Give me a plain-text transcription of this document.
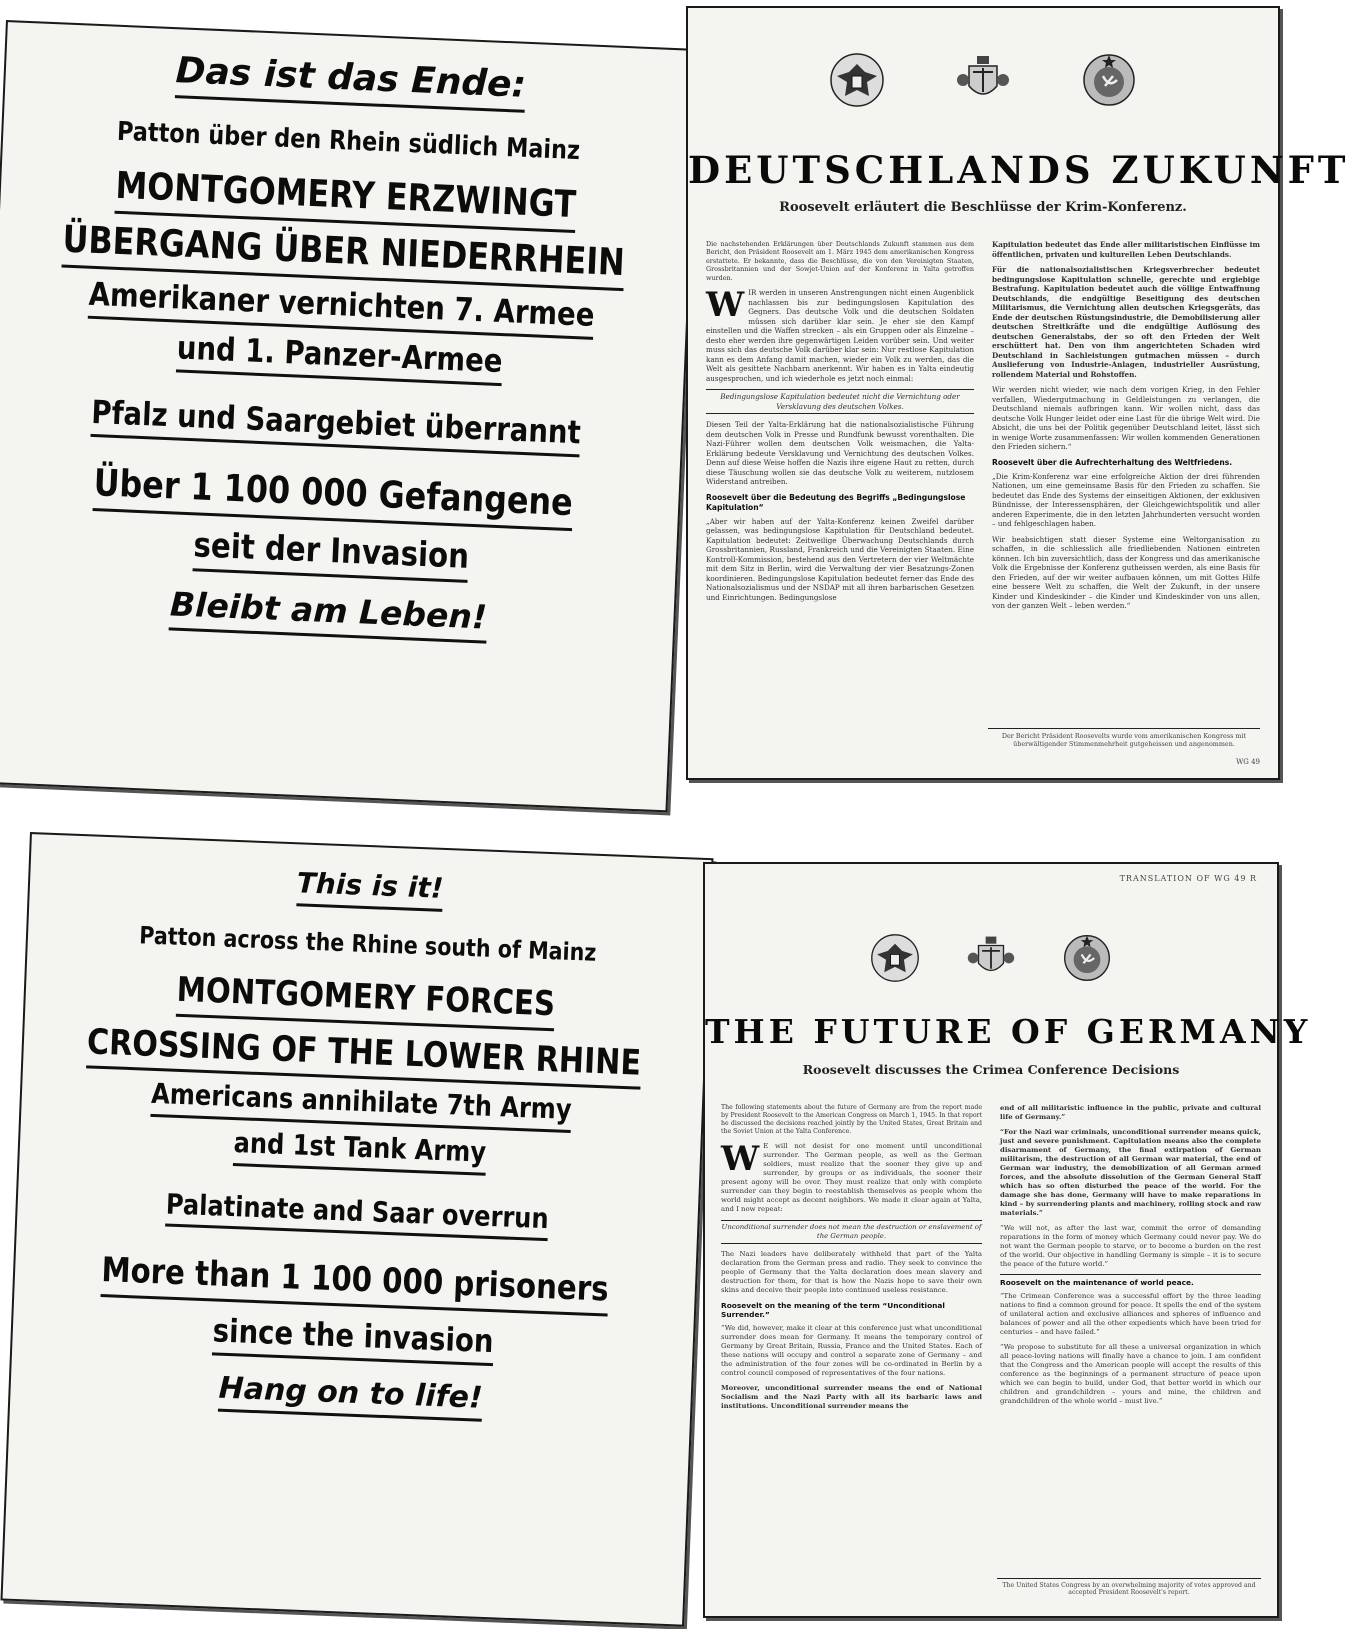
Das ist das Ende:
Patton über den Rhein südlich Mainz
MONTGOMERY ERZWINGT
ÜBERGANG ÜBER NIEDERRHEIN
Amerikaner vernichten 7. Armee
und 1. Panzer-Armee
Pfalz und Saargebiet überrannt
Über 1 100 000 Gefangene
seit der Invasion
Bleibt am Leben!
DEUTSCHLANDS ZUKUNFT
Roosevelt erläutert die Beschlüsse der Krim-Konferenz.

Die nachstehenden Erklärungen über Deutschlands Zukunft stammen aus dem Bericht, den Präsident Roosevelt am 1. März 1945 dem amerikanischen Kongress erstattete. Er bekannte, dass die Beschlüsse, die von den Vereinigten Staaten, Grossbritannien und der Sowjet-Union auf der Konferenz in Yalta getroffen wurden.

WIR werden in unseren Anstrengungen nicht einen Augenblick nachlassen bis zur bedingungslosen Kapitulation des Gegners. Das deutsche Volk und die deutschen Soldaten müssen sich darüber klar sein. Je eher sie den Kampf einstellen und die Waffen strecken – als ein Gruppen oder als Einzelne – desto eher werden ihre gegenwärtigen Leiden vorüber sein. Und weiter muss sich das deutsche Volk darüber klar sein: Nur restlose Kapitulation kann es dem Anfang damit machen, wieder ein Volk zu werden, das die Welt als gesittete Nachbarn anerkennt. Wir haben es in Yalta eindeutig ausgesprochen, und ich wiederhole es jetzt noch einmal:

Bedingungslose Kapitulation bedeutet nicht die Vernichtung oder Versklavung des deutschen Volkes.

Diesen Teil der Yalta-Erklärung hat die nationalsozialistische Führung dem deutschen Volk in Presse und Rundfunk bewusst vorenthalten. Die Nazi-Führer wollen dem deutschen Volk weismachen, die Yalta-Erklärung bedeute Versklavung und Vernichtung des deutschen Volkes. Denn auf diese Weise hoffen die Nazis ihre eigene Haut zu retten, durch diese Täuschung wollen sie das deutsche Volk zu weiterem, nutzlosem Widerstand antreiben.

Roosevelt über die Bedeutung des Begriffs „Bedingungslose Kapitulation“

„Aber wir haben auf der Yalta-Konferenz keinen Zweifel darüber gelassen, was bedingungslose Kapitulation für Deutschland bedeutet. Kapitulation bedeutet: Zeitweilige Überwachung Deutschlands durch Grossbritannien, Russland, Frankreich und die Vereinigten Staaten. Eine Kontroll-Kommission, bestehend aus den Vertretern der vier Weltmächte mit dem Sitz in Berlin, wird die Verwaltung der vier Besatzungs-Zonen koordinieren. Bedingungslose Kapitulation bedeutet ferner das Ende des Nationalsozialismus und der NSDAP mit all ihren barbarischen Gesetzen und Einrichtungen. Bedingungslose

Kapitulation bedeutet das Ende aller militaristischen Einflüsse im öffentlichen, privaten und kulturellen Leben Deutschlands.

Für die nationalsozialistischen Kriegsverbrecher bedeutet bedingungslose Kapitulation schnelle, gerechte und ergiebige Bestrafung. Kapitulation bedeutet auch die völlige Entwaffnung Deutschlands, die endgültige Beseitigung des deutschen Militarismus, die Vernichtung allen deutschen Kriegsgeräts, das Ende der deutschen Rüstungsindustrie, die Demobilisierung aller deutschen Streitkräfte und die endgültige Auflösung des deutschen Generalstabs, der so oft den Frieden der Welt erschüttert hat. Den von ihm angerichteten Schaden wird Deutschland in Sachleistungen gutmachen müssen – durch Auslieferung von Industrie-Anlagen, industrieller Ausrüstung, rollendem Material und Rohstoffen.

Wir werden nicht wieder, wie nach dem vorigen Krieg, in den Fehler verfallen, Wiedergutmachung in Geldleistungen zu verlangen, die Deutschland niemals aufbringen kann. Wir wollen nicht, dass das deutsche Volk Hunger leidet oder eine Last für die übrige Welt wird. Die Absicht, die uns bei der Politik gegenüber Deutschland leitet, lässt sich in wenige Worte zusammenfassen: Wir wollen kommenden Generationen den Frieden sichern.“

Roosevelt über die Aufrechterhaltung des Weltfriedens.

„Die Krim-Konferenz war eine erfolgreiche Aktion der drei führenden Nationen, um eine gemeinsame Basis für den Frieden zu schaffen. Sie bedeutet das Ende des Systems der einseitigen Aktionen, der exklusiven Bündnisse, der Interessensphären, der Gleichgewichtspolitik und aller anderen Experimente, die in den letzten Jahrhunderten versucht worden – und fehlgeschlagen haben.

Wir beabsichtigen statt dieser Systeme eine Weltorganisation zu schaffen, in die schliesslich alle friedliebenden Nationen eintreten können. Ich bin zuversichtlich, dass der Kongress und das amerikanische Volk die Ergebnisse der Konferenz gutheissen werden, als eine Basis für den Frieden, auf der wir weiter aufbauen können, um mit Gottes Hilfe eine bessere Welt zu schaffen, die Welt der Zukunft, in der unsere Kinder und Kindeskinder – die Kinder und Kindeskinder von uns allen, von der ganzen Welt – leben werden.“

Der Bericht Präsident Roosevelts wurde vom amerikanischen Kongress mit überwältigender Stimmenmehrheit gutgeheissen und angenommen.
WG 49
This is it!
Patton across the Rhine south of Mainz
MONTGOMERY FORCES
CROSSING OF THE LOWER RHINE
Americans annihilate 7th Army
and 1st Tank Army
Palatinate and Saar overrun
More than 1 100 000 prisoners
since the invasion
Hang on to life!
TRANSLATION OF WG 49 R
THE FUTURE OF GERMANY
Roosevelt discusses the Crimea Conference Decisions

The following statements about the future of Germany are from the report made by President Roosevelt to the American Congress on March 1, 1945. In that report he discussed the decisions reached jointly by the United States, Great Britain and the Soviet Union at the Yalta Conference.

W E will not desist for one moment until unconditional surrender. The German people, as well as the German soldiers, must realize that the sooner they give up and surrender, by groups or as individuals, the sooner their present agony will be over. They must realize that only with complete surrender can they begin to reestablish themselves as people whom the world might accept as decent neighbors. We made it clear again at Yalta, and I now repeat:

Unconditional surrender does not mean the destruction or enslavement of the German people.

The Nazi leaders have deliberately withheld that part of the Yalta declaration from the German press and radio. They seek to convince the people of Germany that the Yalta declaration does mean slavery and destruction for them, for that is how the Nazis hope to save their own skins and deceive their people into continued useless resistance.

Roosevelt on the meaning of the term “Unconditional Surrender.”

“We did, however, make it clear at this conference just what unconditional surrender does mean for Germany. It means the temporary control of Germany by Great Britain, Russia, France and the United States. Each of these nations will occupy and control a separate zone of Germany – and the administration of the four zones will be co-ordinated in Berlin by a control council composed of representatives of the four nations.

Moreover, unconditional surrender means the end of National Socialism and the Nazi Party with all its barbaric laws and institutions. Unconditional surrender means the

end of all militaristic influence in the public, private and cultural life of Germany.”

“For the Nazi war criminals, unconditional surrender means quick, just and severe punishment. Capitulation means also the complete disarmament of Germany, the final extirpation of German militarism, the destruction of all German war material, the end of German war industry, the demobilization of all German armed forces, and the absolute dissolution of the German General Staff which has so often disturbed the peace of the world. For the damage she has done, Germany will have to make reparations in kind – by surrendering plants and machinery, rolling stock and raw materials.”

“We will not, as after the last war, commit the error of demanding reparations in the form of money which Germany could never pay. We do not want the German people to starve, or to become a burden on the rest of the world. Our objective in handling Germany is simple – it is to secure the peace of the future world.”

Roosevelt on the maintenance of world peace.

“The Crimean Conference was a successful effort by the three leading nations to find a common ground for peace. It spells the end of the system of unilateral action and exclusive alliances and spheres of influence and balances of power and all the other expedients which have been tried for centuries – and have failed.”

“We propose to substitute for all these a universal organization in which all peace-loving nations will finally have a chance to join. I am confident that the Congress and the American people will accept the results of this conference as the beginnings of a permanent structure of peace upon which we can begin to build, under God, that better world in which our children and grandchildren – yours and mine, the children and grandchildren of the whole world – must live.”

The United States Congress by an overwhelming majority of votes approved and accepted President Roosevelt's report.
